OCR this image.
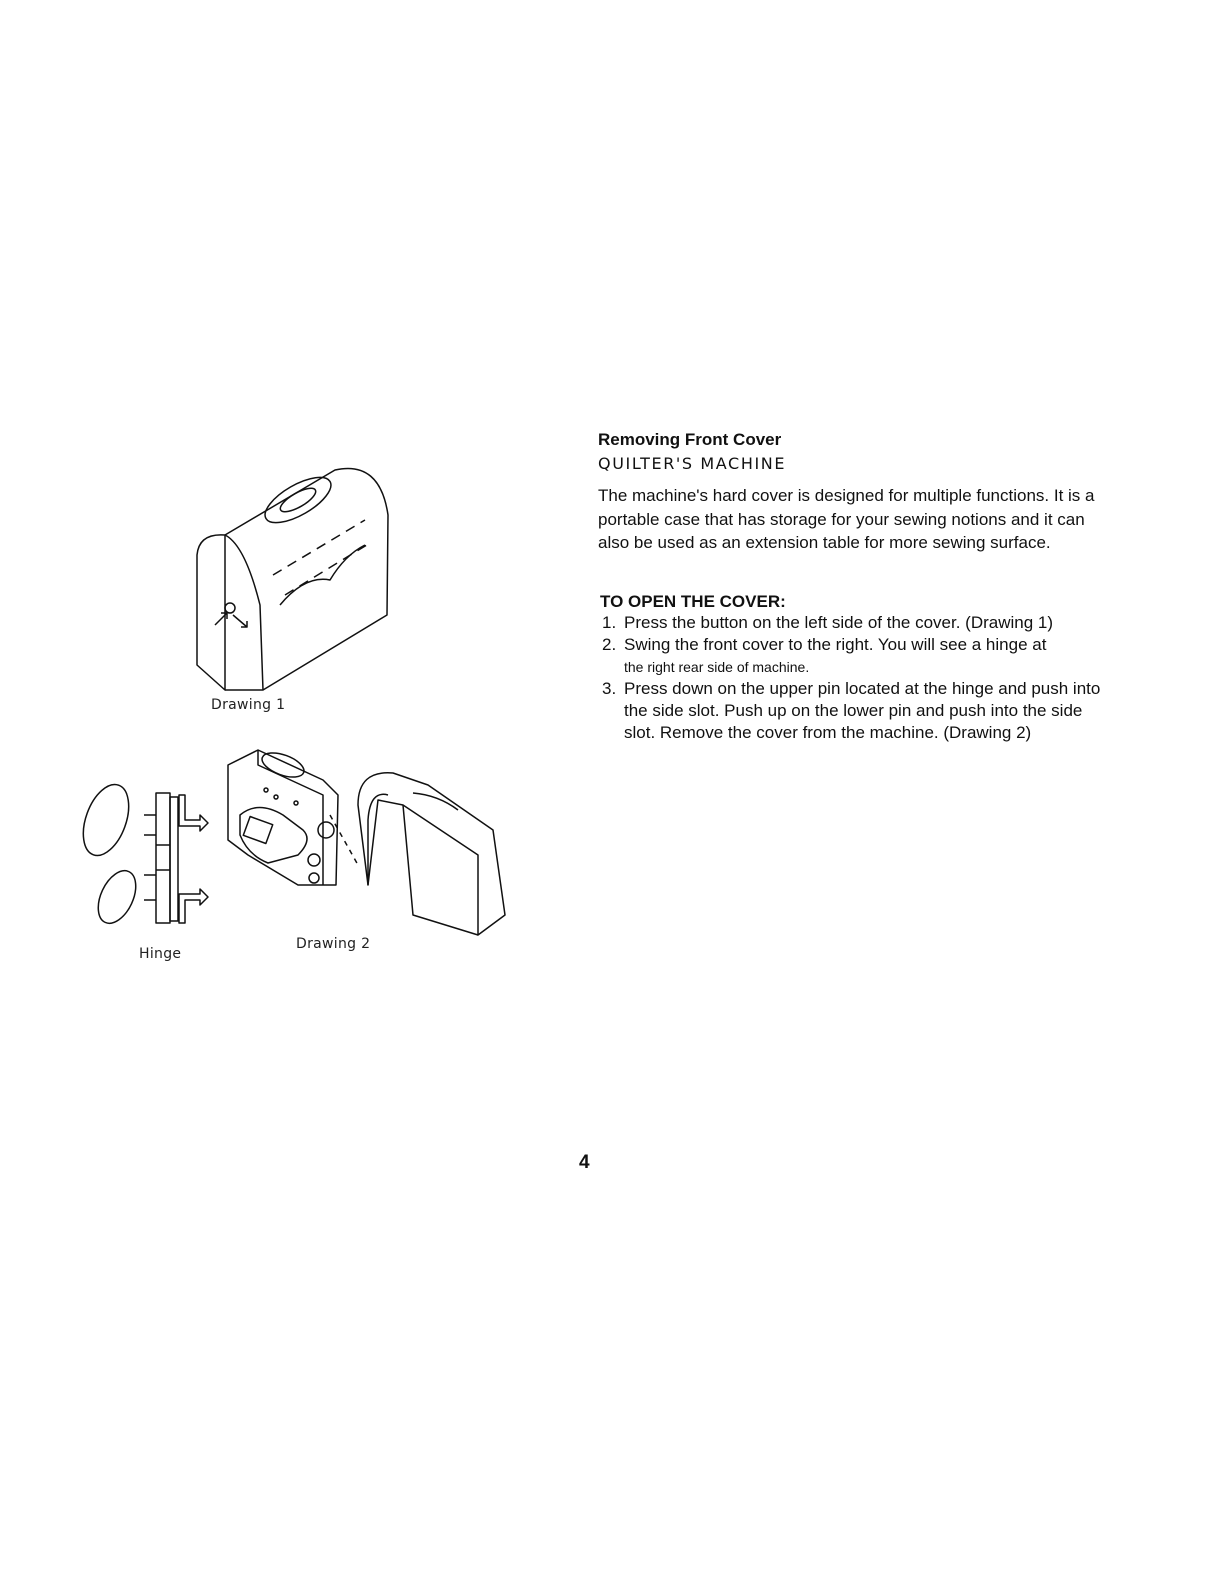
Drawing 1
Hinge
Drawing 2
Removing Front Cover
QUILTER'S MACHINE
The machine's hard cover is designed for multiple functions. It is a portable case that has storage for your sewing notions and it can also be used as an extension table for more sewing surface.
TO OPEN THE COVER:
1. Press the button on the left side of the cover. (Drawing 1)
2. Swing the front cover to the right. You will see a hinge at
the right rear side of machine.
3. Press down on the upper pin located at the hinge and push into the side slot. Push up on the lower pin and push into the side slot. Remove the cover from the machine. (Drawing 2)
4
